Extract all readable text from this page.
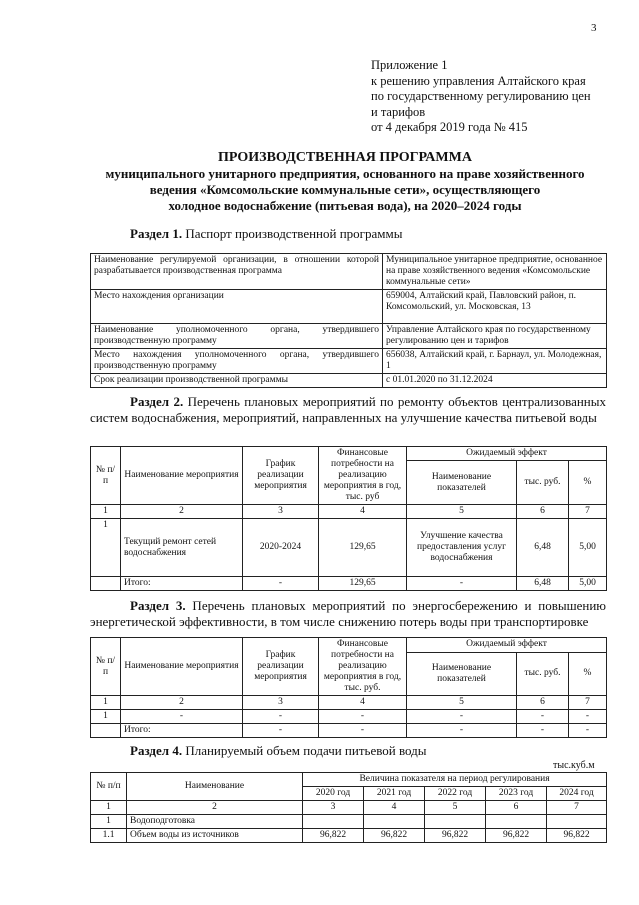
3
Приложение 1
к решению управления Алтайского края
по государственному регулированию цен
и тарифов
от 4 декабря 2019 года № 415
ПРОИЗВОДСТВЕННАЯ ПРОГРАММА
муниципального унитарного предприятия, основанного на праве хозяйственного
ведения «Комсомольские коммунальные сети», осуществляющего
холодное водоснабжение (питьевая вода), на 2020–2024 годы
Раздел 1. Паспорт производственной программы
Наименование регулируемой организации, в отношении которой разрабатывается производственная программа	Муниципальное унитарное предприятие, основанное на праве хозяйственного ведения «Комсомольские коммунальные сети»
Место нахождения организации	659004, Алтайский край, Павловский район, п. Комсомольский, ул. Московская, 13
Наименование уполномоченного органа, утвердившего производственную программу	Управление Алтайского края по государственному регулированию цен и тарифов
Место нахождения уполномоченного органа, утвердившего производственную программу	656038, Алтайский край, г. Барнаул, ул. Молодежная, 1
Срок реализации производственной программы	с 01.01.2020 по 31.12.2024
Раздел 2. Перечень плановых мероприятий по ремонту объектов централизованных систем водоснабжения, мероприятий, направленных на улучшение качества питьевой воды
№ п/п	Наименование мероприятия	График реализации мероприятия	Финансовые потребности на реализацию мероприятия в год, тыс. руб	Ожидаемый эффект		
				Наименование показателей	тыс. руб.	%
1	2	3	4	5	6	7
1	Текущий ремонт сетей водоснабжения	2020-2024	129,65	Улучшение качества предоставления услуг водоснабжения	6,48	5,00
	Итого:	-	129,65	-	6,48	5,00
Раздел 3. Перечень плановых мероприятий по энергосбережению и повышению энергетической эффективности, в том числе снижению потерь воды при транспортировке
№ п/п	Наименование мероприятия	График реализации мероприятия	Финансовые потребности на реализацию мероприятия в год, тыс. руб.	Ожидаемый эффект		
				Наименование показателей	тыс. руб.	%
1	2	3	4	5	6	7
1	-	-	-	-	-	-
	Итого:	-	-	-	-	-
Раздел 4. Планируемый объем подачи питьевой воды
тыс.куб.м
№ п/п	Наименование	Величина показателя на период регулирования				
		2020 год	2021 год	2022 год	2023 год	2024 год
1	2	3	4	5	6	7
1	Водоподготовка					
1.1	Объем воды из источников	96,822	96,822	96,822	96,822	96,822
